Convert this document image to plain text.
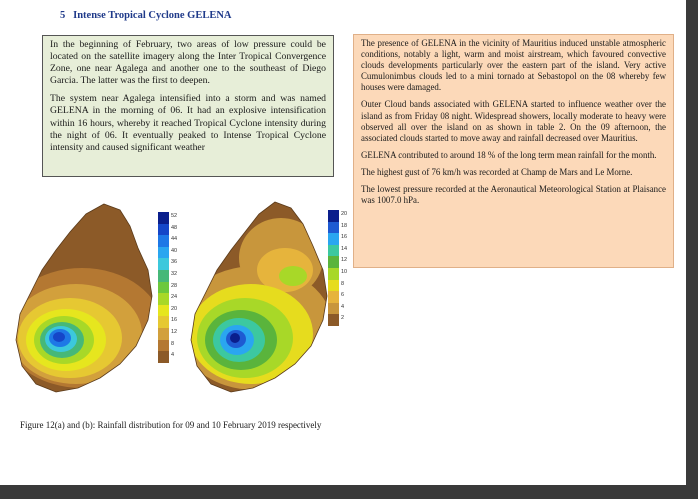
5 Intense Tropical Cyclone GELENA

In the beginning of February, two areas of low pressure could be located on the satellite imagery along the Inter Tropical Convergence Zone, one near Agalega and another one to the southeast of Diego Garcia. The latter was the first to deepen.

The system near Agalega intensified into a storm and was named GELENA in the morning of 06. It had an explosive intensification within 16 hours, whereby it reached Tropical Cyclone intensity during the night of 06. It eventually peaked to Intense Tropical Cyclone intensity and caused significant weather

The presence of GELENA in the vicinity of Mauritius induced unstable atmospheric conditions, notably a light, warm and moist airstream, which favoured convective clouds developments particularly over the eastern part of the island. Very active Cumulonimbus clouds led to a mini tornado at Sebastopol on the 08 whereby few houses were damaged.

Outer Cloud bands associated with GELENA started to influence weather over the island as from Friday 08 night. Widespread showers, locally moderate to heavy were observed all over the island on as shown in table 2. On the 09 afternoon, the associated clouds started to move away and rainfall decreased over Mauritius.

GELENA contributed to around 18 % of the long term mean rainfall for the month.

The highest gust of 76 km/h was recorded at Champ de Mars and Le Morne.

The lowest pressure recorded at the Aeronautical Meteorological Station at Plaisance was 1007.0 hPa.

52
48
44
40
36
32
28
24
20
16
12
8
4
20
18
16
14
12
10
8
6
4
2
Figure 12(a) and (b): Rainfall distribution for 09 and 10 February 2019 respectively
